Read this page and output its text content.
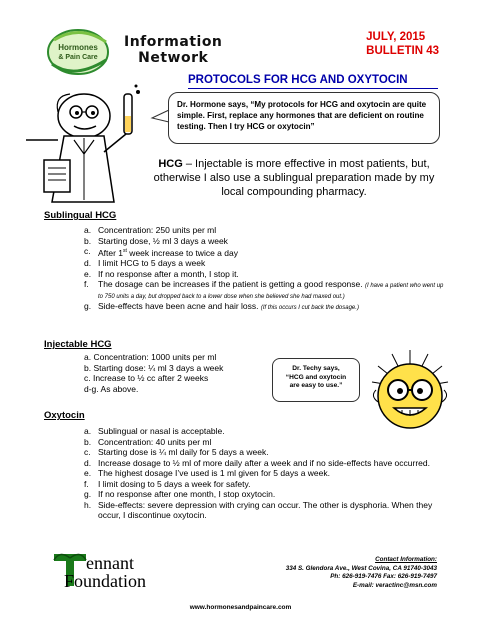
Hormones
& Pain Care
Information
Network
JULY, 2015
BULLETIN 43
PROTOCOLS FOR HCG AND OXYTOCIN
Dr. Hormone says, “My protocols for HCG and oxytocin are quite simple. First, replace any hormones that are deficient on routine testing. Then I try HCG or oxytocin”
HCG – Injectable is more effective in most patients, but, otherwise I also use a sublingual preparation made by my local compounding pharmacy.
Sublingual HCG
a. Concentration: 250 units per ml
b. Starting dose, ½ ml 3 days a week
c. After 1st week increase to twice a day
d. I limit HCG to 5 days a week
e. If no response after a month, I stop it.
f.	The dosage can be increases if the patient is getting a good response. (I have a patient who went up to 750 units a day, but dropped back to a lower dose when she believed she had maxed out.)
g. Side-effects have been acne and hair loss. (If this occurs I cut back the dosage.)
Injectable HCG
a. Concentration: 1000 units per ml
b. Starting dose: ¼ ml 3 days a week
c. Increase to ½ cc after 2 weeks
d-g. As above.
Dr. Techy says,
“HCG and oxytocin
are easy to use.”
Oxytocin
a. Sublingual or nasal is acceptable.
b. Concentration: 40 units per ml
c. Starting dose is ¼ ml daily for 5 days a week.
d. Increase dosage to ½ ml of more daily after a week and if no side-effects have occurred.
e. The highest dosage I’ve used is 1 ml given for 5 days a week.
f.	I limit dosing to 5 days a week for safety.
g. If no response after one month, I stop oxytocin.
h. Side-effects: severe depression with crying can occur. The other is dysphoria. When they occur, I discontinue oxytocin.
ennant
Foundation
Contact Information:
334 S. Glendora Ave., West Covina, CA 91740-3043
Ph: 626-919-7476 Fax: 626-919-7497
E-mail: veractinc@msn.com
www.hormonesandpaincare.com
